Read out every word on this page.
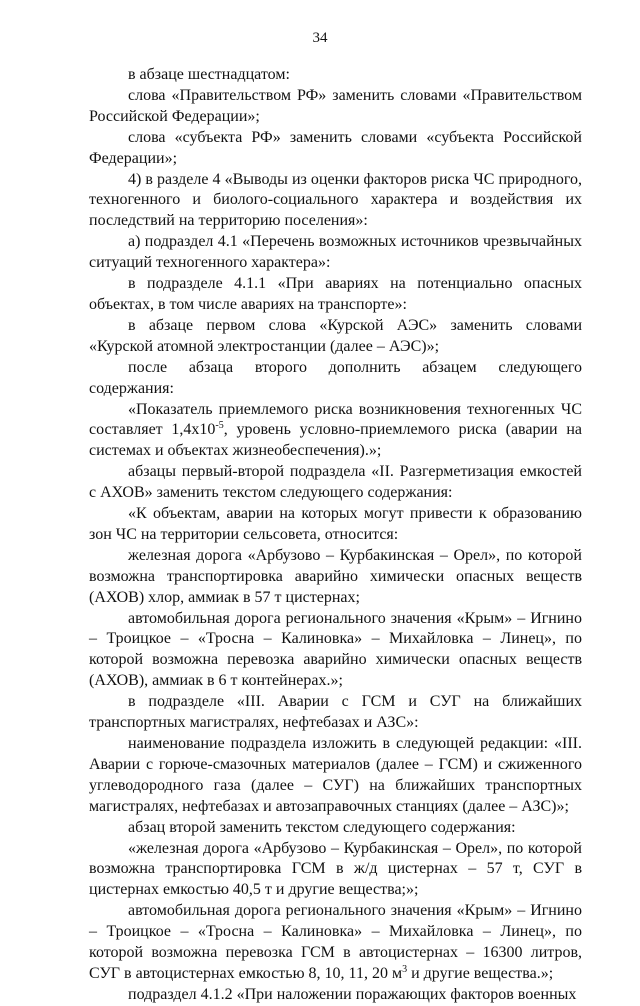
34

в абзаце шестнадцатом:

слова «Правительством РФ» заменить словами «Правительством Российской Федерации»;

слова «субъекта РФ» заменить словами «субъекта Российской Федерации»;

4) в разделе 4 «Выводы из оценки факторов риска ЧС природного, техногенного и биолого-социального характера и воздействия их последствий на территорию поселения»:

а) подраздел 4.1 «Перечень возможных источников чрезвычайных ситуаций техногенного характера»:

в подразделе 4.1.1 «При авариях на потенциально опасных объектах, в том числе авариях на транспорте»:

в абзаце первом слова «Курской АЭС» заменить словами «Курской атомной электростанции (далее – АЭС)»;

после абзаца второго дополнить абзацем следующего содержания:

«Показатель приемлемого риска возникновения техногенных ЧС составляет $1,4x10^{-5}$, уровень условно-приемлемого риска (аварии на системах и объектах жизнеобеспечения).»;

абзацы первый-второй подраздела «II. Разгерметизация емкостей с АХОВ» заменить текстом следующего содержания:

«К объектам, аварии на которых могут привести к образованию зон ЧС на территории сельсовета, относится:

железная дорога «Арбузово – Курбакинская – Орел», по которой возможна транспортировка аварийно химически опасных веществ (АХОВ) хлор, аммиак в 57 т цистернах;

автомобильная дорога регионального значения «Крым» – Игнино – Троицкое – «Тросна – Калиновка» – Михайловка – Линец», по которой возможна перевозка аварийно химически опасных веществ (АХОВ), аммиак в 6 т контейнерах.»;

в подразделе «III. Аварии с ГСМ и СУГ на ближайших транспортных магистралях, нефтебазах и АЗС»:

наименование подраздела изложить в следующей редакции: «III. Аварии с горюче-смазочных материалов (далее – ГСМ) и сжиженного углеводородного газа (далее – СУГ) на ближайших транспортных магистралях, нефтебазах и автозаправочных станциях (далее – АЗС)»;

абзац второй заменить текстом следующего содержания:

«железная дорога «Арбузово – Курбакинская – Орел», по которой возможна транспортировка ГСМ в ж/д цистернах – 57 т, СУГ в цистернах емкостью 40,5 т и другие вещества;»;

автомобильная дорога регионального значения «Крым» – Игнино – Троицкое – «Тросна – Калиновка» – Михайловка – Линец», по которой возможна перевозка ГСМ в автоцистернах – 16300 литров, СУГ в автоцистернах емкостью 8, 10, 11, 20 $м^3$ и другие вещества.»;

подраздел 4.1.2 «При наложении поражающих факторов военных
